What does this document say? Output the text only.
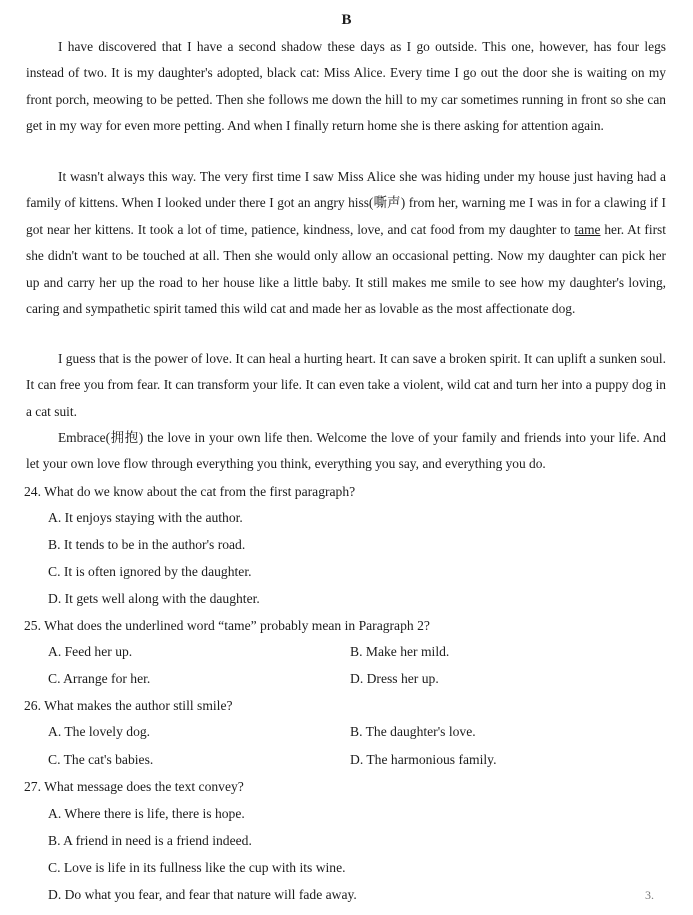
B

I have discovered that I have a second shadow these days as I go outside. This one, however, has four legs instead of two. It is my daughter's adopted, black cat: Miss Alice. Every time I go out the door she is waiting on my front porch, meowing to be petted. Then she follows me down the hill to my car sometimes running in front so she can get in my way for even more petting. And when I finally return home she is there asking for attention again.

It wasn't always this way. The very first time I saw Miss Alice she was hiding under my house just having had a family of kittens. When I looked under there I got an angry hiss(嘶声) from her, warning me I was in for a clawing if I got near her kittens. It took a lot of time, patience, kindness, love, and cat food from my daughter to tame her. At first she didn't want to be touched at all. Then she would only allow an occasional petting. Now my daughter can pick her up and carry her up the road to her house like a little baby. It still makes me smile to see how my daughter's loving, caring and sympathetic spirit tamed this wild cat and made her as lovable as the most affectionate dog.

I guess that is the power of love. It can heal a hurting heart. It can save a broken spirit. It can uplift a sunken soul. It can free you from fear. It can transform your life. It can even take a violent, wild cat and turn her into a puppy dog in a cat suit.

Embrace(拥抱) the love in your own life then. Welcome the love of your family and friends into your life. And let your own love flow through everything you think, everything you say, and everything you do.

24. What do we know about the cat from the first paragraph?
A. It enjoys staying with the author.
B. It tends to be in the author's road.
C. It is often ignored by the daughter.
D. It gets well along with the daughter.
25. What does the underlined word “tame” probably mean in Paragraph 2?
A. Feed her up.	B. Make her mild.
C. Arrange for her.	D. Dress her up.
26. What makes the author still smile?
A. The lovely dog.	B. The daughter's love.
C. The cat's babies.	D. The harmonious family.
27. What message does the text convey?
A. Where there is life, there is hope.
B. A friend in need is a friend indeed.
C. Love is life in its fullness like the cup with its wine.
D. Do what you fear, and fear that nature will fade away.	3.
